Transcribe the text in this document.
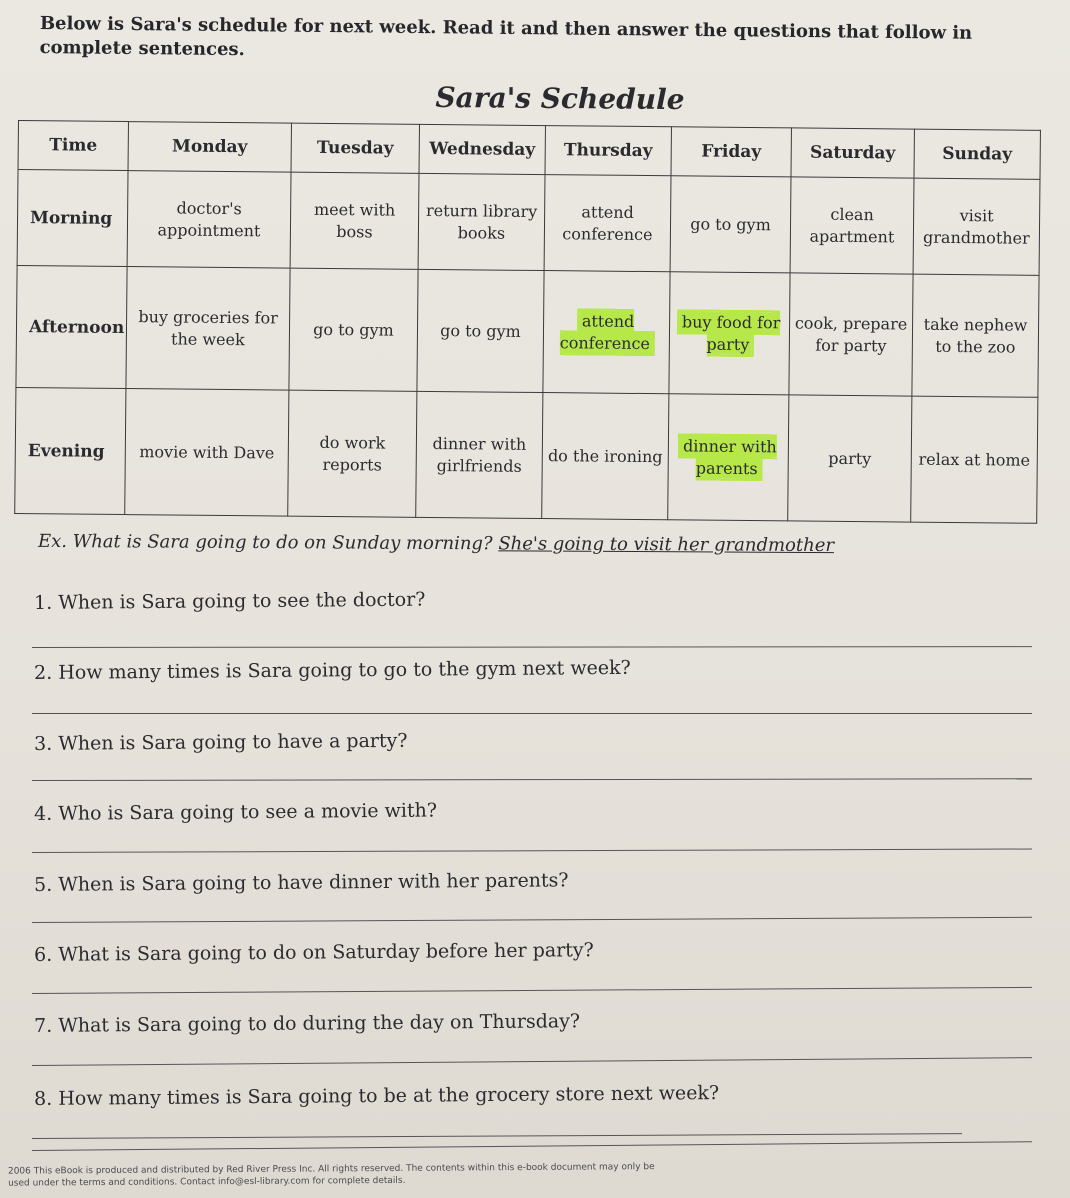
Below is Sara's schedule for next week. Read it and then answer the questions that follow in complete sentences.
Sara's Schedule
Time	Monday	Tuesday	Wednesday	Thursday	Friday	Saturday	Sunday
Morning	doctor's appointment	meet with boss	return library books	attend conference	go to gym	clean apartment	visit grandmother
Afternoon	buy groceries for the week	go to gym	go to gym	attend conference	buy food for party	cook, prepare for party	take nephew to the zoo
Evening	movie with Dave	do work reports	dinner with girlfriends	do the ironing	dinner with parents	party	relax at home
Ex. What is Sara going to do on Sunday morning? She's going to visit her grandmother
1. When is Sara going to see the doctor?
2. How many times is Sara going to go to the gym next week?
3. When is Sara going to have a party?
4. Who is Sara going to see a movie with?
5. When is Sara going to have dinner with her parents?
6. What is Sara going to do on Saturday before her party?
7. What is Sara going to do during the day on Thursday?
8. How many times is Sara going to be at the grocery store next week?
2006 This eBook is produced and distributed by Red River Press Inc. All rights reserved. The contents within this e-book document may only be
used under the terms and conditions. Contact info@esl-library.com for complete details.
